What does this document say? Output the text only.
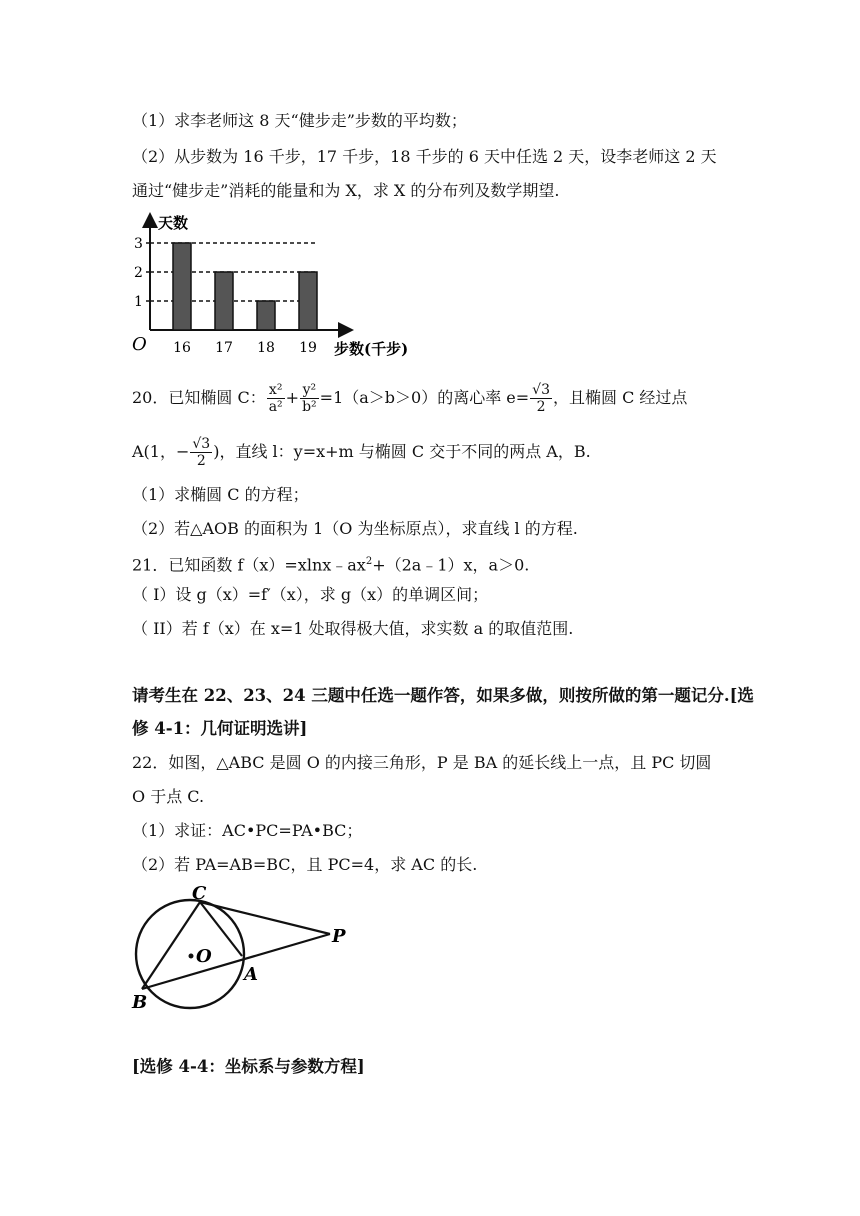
（1）求李老师这 8 天“健步走”步数的平均数；
（2）从步数为 16 千步，17 千步，18 千步的 6 天中任选 2 天，设李老师这 2 天
通过“健步走”消耗的能量和为 X，求 X 的分布列及数学期望.
1
2
3
天数
O	步数(千步)
16 17 18 19
20．已知椭圆 C： $\frac{\text{x²}}{\text{a²}} + \frac{\text{y²}}{\text{b²}} =1(a>b>0)$的离心率 $e= \frac{√3}{2}$ ，且椭圆 C 经过点
A(1，− $\frac{√3}{2}$ )，直线 l：y=x+m 与椭圆 C 交于不同的两点 A，B.
（1）求椭圆 C 的方程；
（2）若△AOB 的面积为 1（O 为坐标原点），求直线 l 的方程.
21．已知函数 $f(x)=xlnx﹣ax^2+(2a﹣1)x$，a＞0.
（ I）设 g（x）=f′（x），求 g（x）的单调区间；
（ II）若 f（x）在 x=1 处取得极大值，求实数 a 的取值范围.
请考生在 22、23、24 三题中任选一题作答，如果多做，则按所做的第一题记分.[选
修 4-1：几何证明选讲]
22．如图，△ABC 是圆 O 的内接三角形，P 是 BA 的延长线上一点，且 PC 切圆
O 于点 C.
（1）求证：AC•PC=PA•BC；
（2）若 PA=AB=BC，且 PC=4，求 AC 的长.
C
O
A
B
P
[选修 4-4：坐标系与参数方程]
